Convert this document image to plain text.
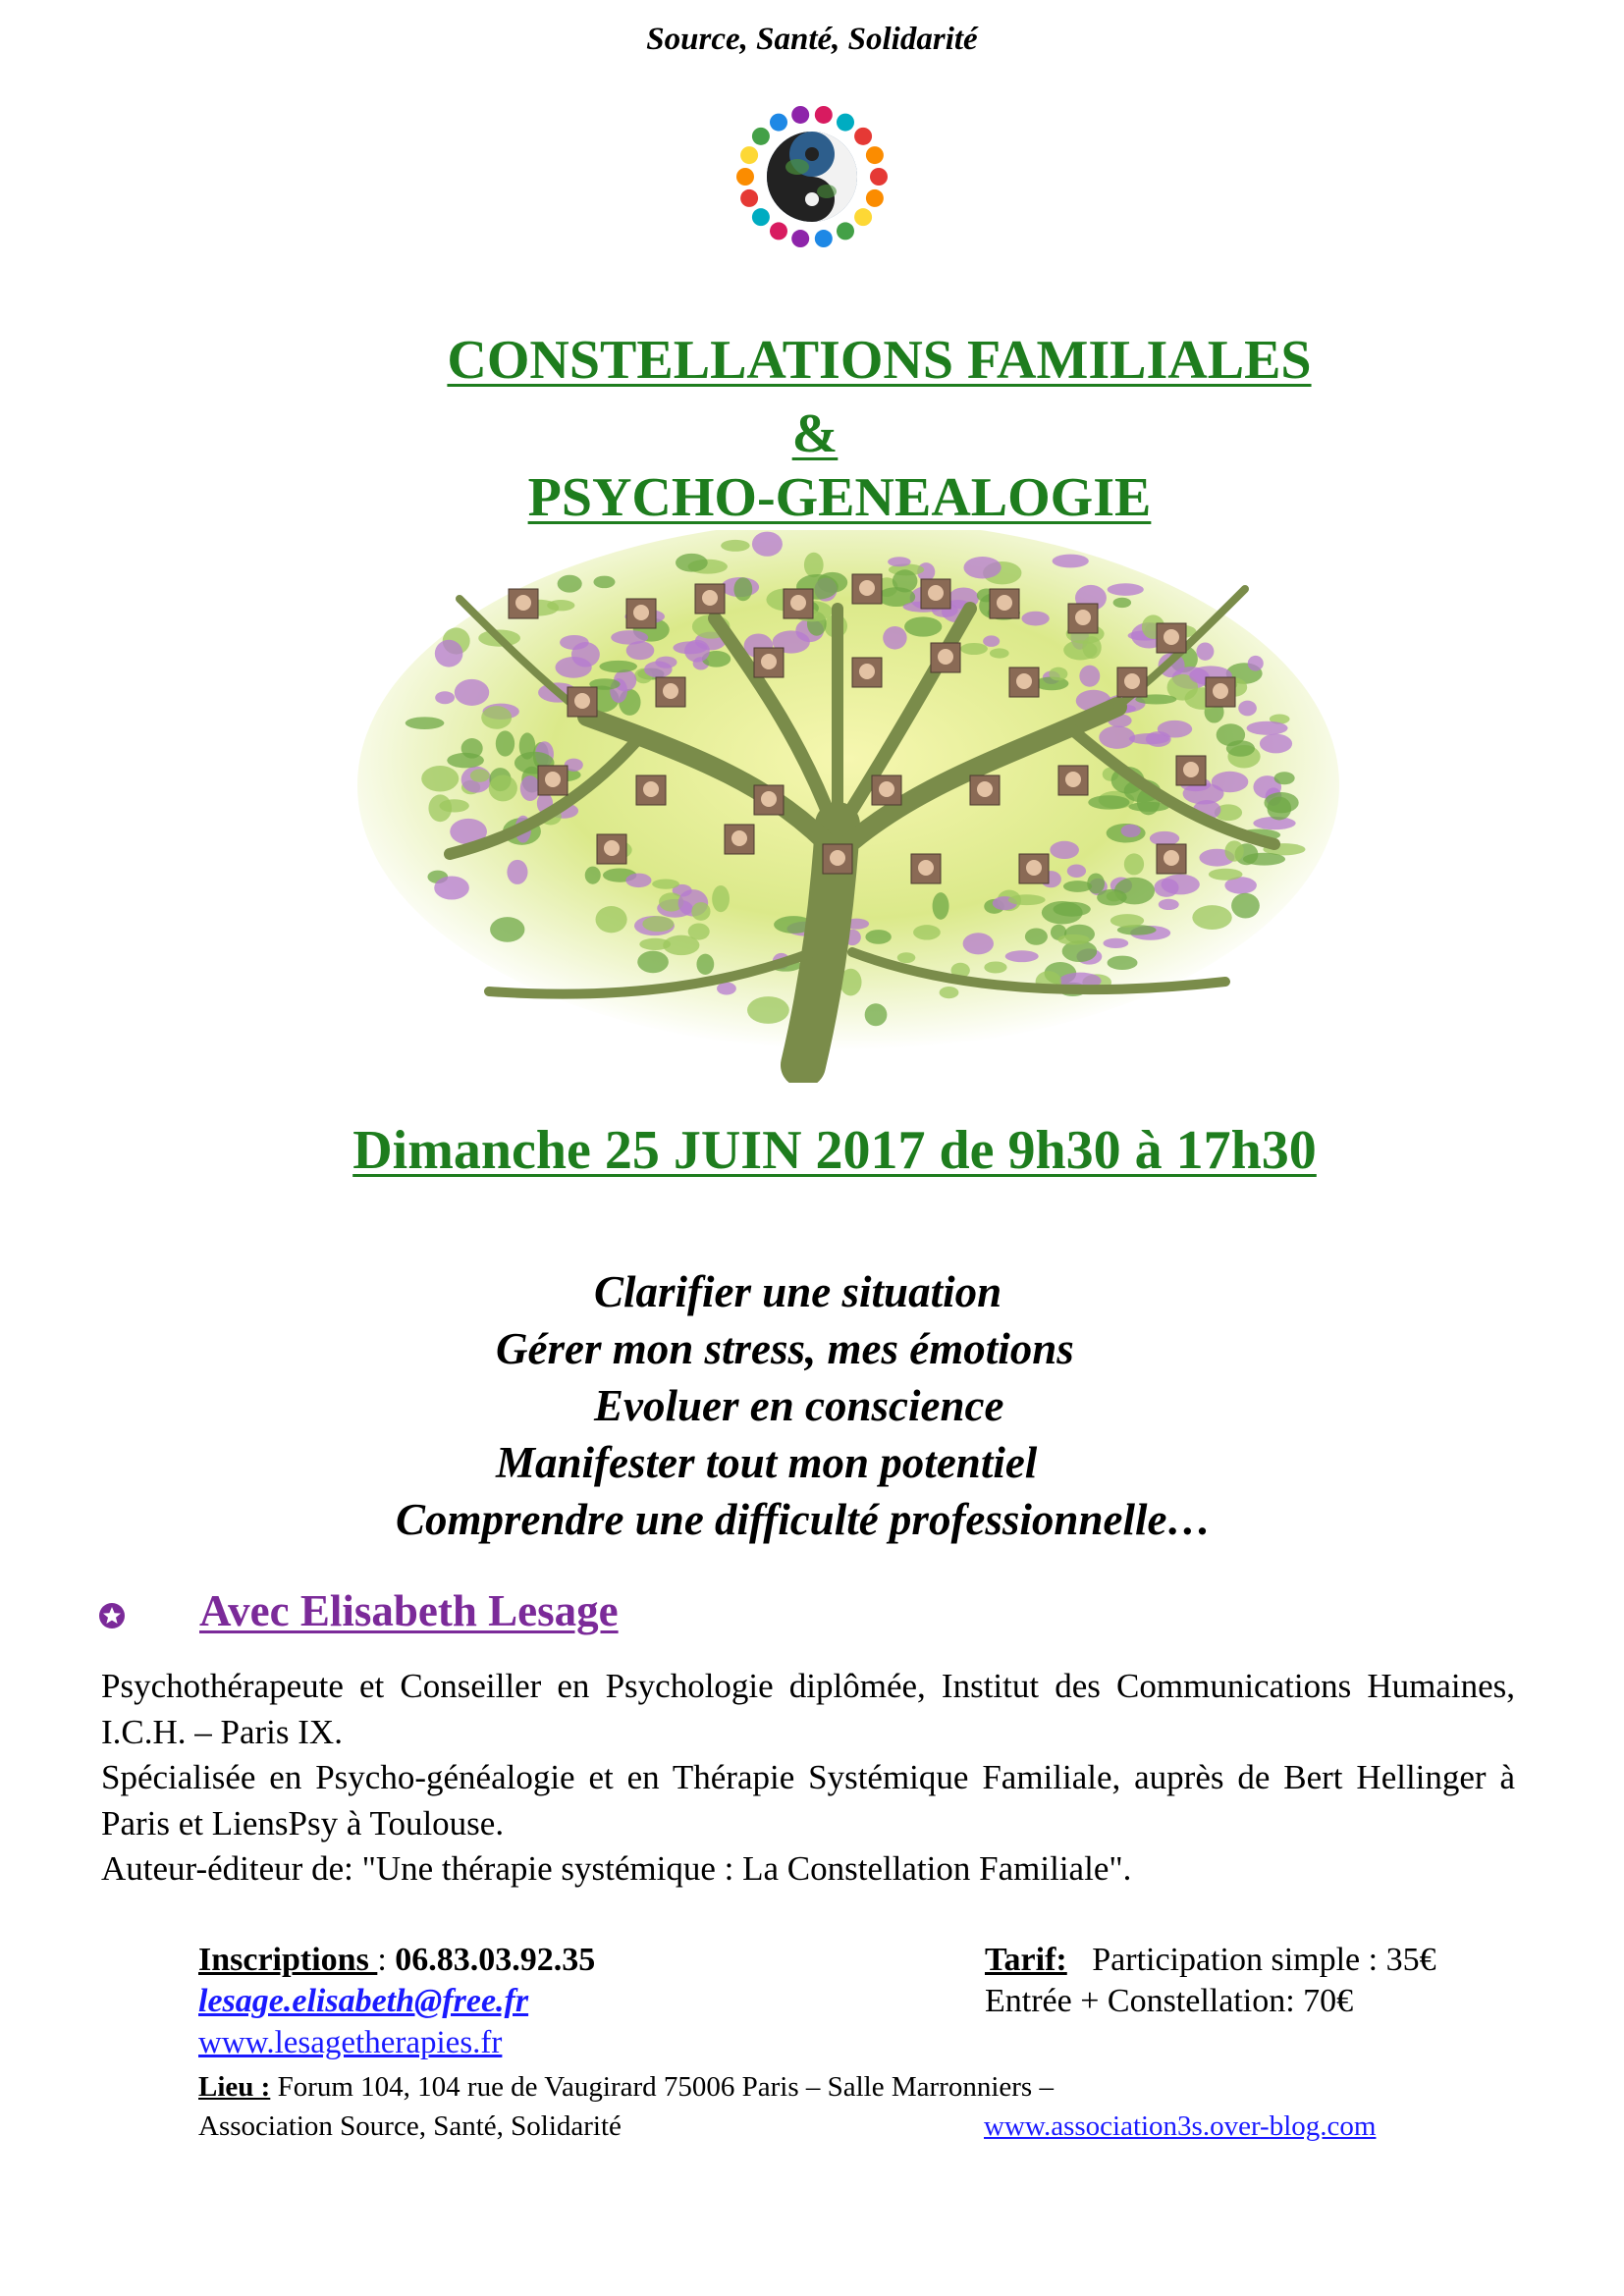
Source, Santé, Solidarité
CONSTELLATIONS FAMILIALES
&
PSYCHO-GENEALOGIE
Dimanche 25 JUIN 2017 de 9h30 à 17h30
Clarifier une situation
Gérer mon stress, mes émotions
Evoluer en conscience
Manifester tout mon potentiel
Comprendre une difficulté professionnelle…
Avec Elisabeth Lesage

Psychothérapeute et Conseiller en Psychologie diplômée, Institut des Communications Humaines, I.C.H. – Paris IX.

Spécialisée en Psycho-généalogie et en Thérapie Systémique Familiale, auprès de Bert Hellinger à Paris et LiensPsy à Toulouse.

Auteur-éditeur de: "Une thérapie systémique : La Constellation Familiale".

Inscriptions : 06.83.03.92.35
lesage.elisabeth@free.fr
www.lesagetherapies.fr
Tarif: Participation simple : 35€
Entrée + Constellation: 70€
Lieu : Forum 104, 104 rue de Vaugirard 75006 Paris – Salle Marronniers –
Association Source, Santé, Solidarité	www.association3s.over-blog.com
